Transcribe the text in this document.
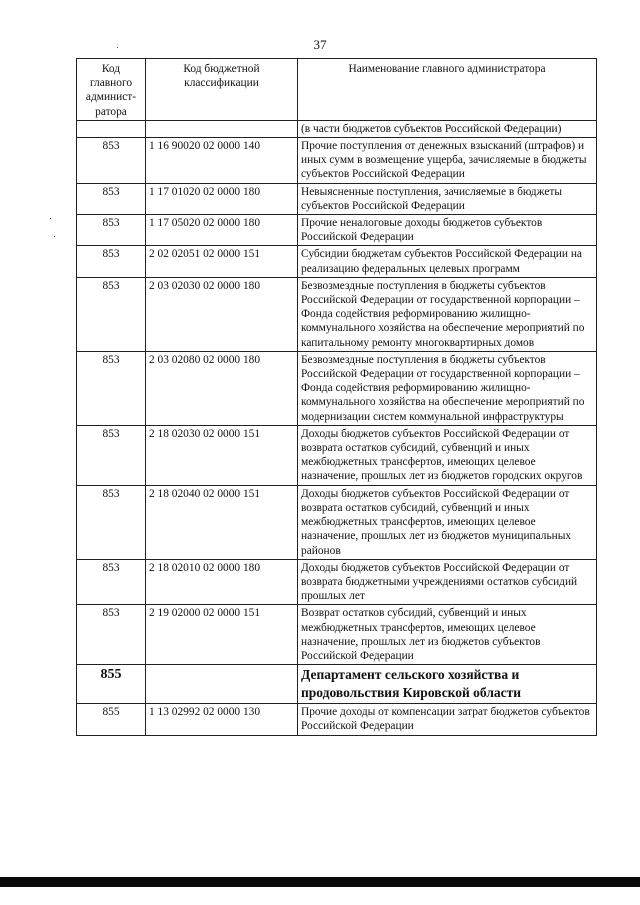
37
Код главного админист-ратора	Код бюджетной классификации	Наименование главного администратора
		(в части бюджетов субъектов Российской Федерации)
853	1 16 90020 02 0000 140	Прочие поступления от денежных взысканий (штрафов) и иных сумм в возмещение ущерба, зачисляемые в бюджеты субъектов Российской Федерации
853	1 17 01020 02 0000 180	Невыясненные поступления, зачисляемые в бюджеты субъектов Российской Федерации
853	1 17 05020 02 0000 180	Прочие неналоговые доходы бюджетов субъектов Российской Федерации
853	2 02 02051 02 0000 151	Субсидии бюджетам субъектов Российской Федерации на реализацию федеральных целевых программ
853	2 03 02030 02 0000 180	Безвозмездные поступления в бюджеты субъектов Российской Федерации от государственной корпорации – Фонда содействия реформированию жилищно-коммунального хозяйства на обеспечение мероприятий по капитальному ремонту многоквартирных домов
853	2 03 02080 02 0000 180	Безвозмездные поступления в бюджеты субъектов Российской Федерации от государственной корпорации – Фонда содействия реформированию жилищно-коммунального хозяйства на обеспечение мероприятий по модернизации систем коммунальной инфраструктуры
853	2 18 02030 02 0000 151	Доходы бюджетов субъектов Российской Федерации от возврата остатков субсидий, субвенций и иных межбюджетных трансфертов, имеющих целевое назначение, прошлых лет из бюджетов городских округов
853	2 18 02040 02 0000 151	Доходы бюджетов субъектов Российской Федерации от возврата остатков субсидий, субвенций и иных межбюджетных трансфертов, имеющих целевое назначение, прошлых лет из бюджетов муниципальных районов
853	2 18 02010 02 0000 180	Доходы бюджетов субъектов Российской Федерации от возврата бюджетными учреждениями остатков субсидий прошлых лет
853	2 19 02000 02 0000 151	Возврат остатков субсидий, субвенций и иных межбюджетных трансфертов, имеющих целевое назначение, прошлых лет из бюджетов субъектов Российской Федерации
855		Департамент сельского хозяйства и продовольствия Кировской области
855	1 13 02992 02 0000 130	Прочие доходы от компенсации затрат бюджетов субъектов Российской Федерации
